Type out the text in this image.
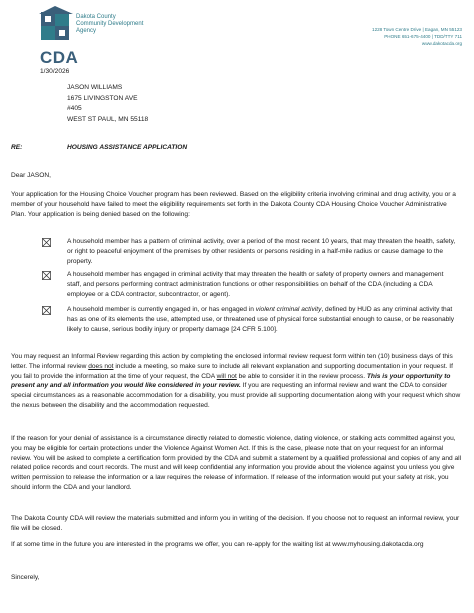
Dakota County
Community Development
Agency
CDA
1228 Town Centre Drive | Eagan, MN 55123
PHONE 651-675-4400 | TDD/TTY 711
www.dakotacda.org
1/30/2026
JASON WILLIAMS
1675 LIVINGSTON AVE
#405
WEST ST PAUL, MN 55118
RE:	HOUSING ASSISTANCE APPLICATION
Dear JASON,
Your application for the Housing Choice Voucher program has been reviewed. Based on the eligibility criteria involving criminal and drug activity, you or a member of your household have failed to meet the eligibility requirements set forth in the Dakota County CDA Housing Choice Voucher Administrative Plan. Your application is being denied based on the following:
A household member has a pattern of criminal activity, over a period of the most recent 10 years, that may threaten the health, safety, or right to peaceful enjoyment of the premises by other residents or persons residing in a half-mile radius or cause damage to the property.
A household member has engaged in criminal activity that may threaten the health or safety of property owners and management staff, and persons performing contract administration functions or other responsibilities on behalf of the CDA (including a CDA employee or a CDA contractor, subcontractor, or agent).
A household member is currently engaged in, or has engaged in violent criminal activity, defined by HUD as any criminal activity that has as one of its elements the use, attempted use, or threatened use of physical force substantial enough to cause, or be reasonably likely to cause, serious bodily injury or property damage [24 CFR 5.100].
You may request an Informal Review regarding this action by completing the enclosed informal review request form within ten (10) business days of this letter. The informal review does not include a meeting, so make sure to include all relevant explanation and supporting documentation in your request. If you fail to provide the information at the time of your request, the CDA will not be able to consider it in the review process. This is your opportunity to present any and all information you would like considered in your review. If you are requesting an informal review and want the CDA to consider special circumstances as a reasonable accommodation for a disability, you must provide all supporting documentation along with your request which show the nexus between the disability and the accommodation requested.
If the reason for your denial of assistance is a circumstance directly related to domestic violence, dating violence, or stalking acts committed against you, you may be eligible for certain protections under the Violence Against Women Act. If this is the case, please note that on your request for an informal review. You will be asked to complete a certification form provided by the CDA and submit a statement by a qualified professional and copies of any and all related police records and court records. The must and will keep confidential any information you provide about the violence against you unless you give written permission to release the information or a law requires the release of information. If release of the information would put your safety at risk, you should inform the CDA and your landlord.
The Dakota County CDA will review the materials submitted and inform you in writing of the decision. If you choose not to request an informal review, your file will be closed.
If at some time in the future you are interested in the programs we offer, you can re-apply for the waiting list at www.myhousing.dakotacda.org
Sincerely,
